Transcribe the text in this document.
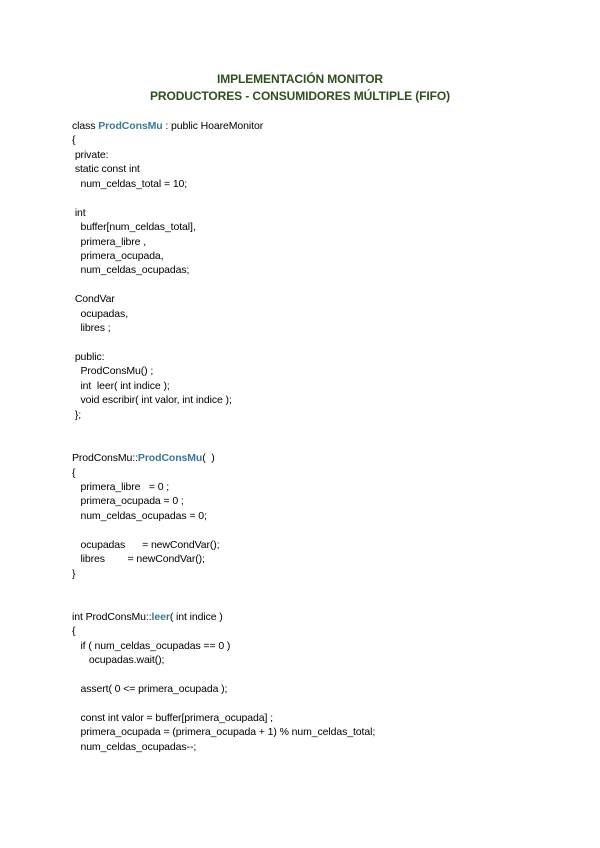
IMPLEMENTACIÓN MONITOR
PRODUCTORES - CONSUMIDORES MÚLTIPLE (FIFO)
class ProdConsMu : public HoareMonitor
{
private:
static const int
num_celdas_total = 10;
int
buffer[num_celdas_total],
primera_libre ,
primera_ocupada,
num_celdas_ocupadas;
CondVar
ocupadas,
libres ;
public:
ProdConsMu() ;
int  leer( int indice );
void escribir( int valor, int indice );
};
ProdConsMu::ProdConsMu(  )
{
primera_libre   = 0 ;
primera_ocupada = 0 ;
num_celdas_ocupadas = 0;
ocupadas      = newCondVar();
libres        = newCondVar();
}
int ProdConsMu::leer( int indice )
{
if ( num_celdas_ocupadas == 0 )
ocupadas.wait();
assert( 0 <= primera_ocupada );
const int valor = buffer[primera_ocupada] ;
primera_ocupada = (primera_ocupada + 1) % num_celdas_total;
num_celdas_ocupadas--;
